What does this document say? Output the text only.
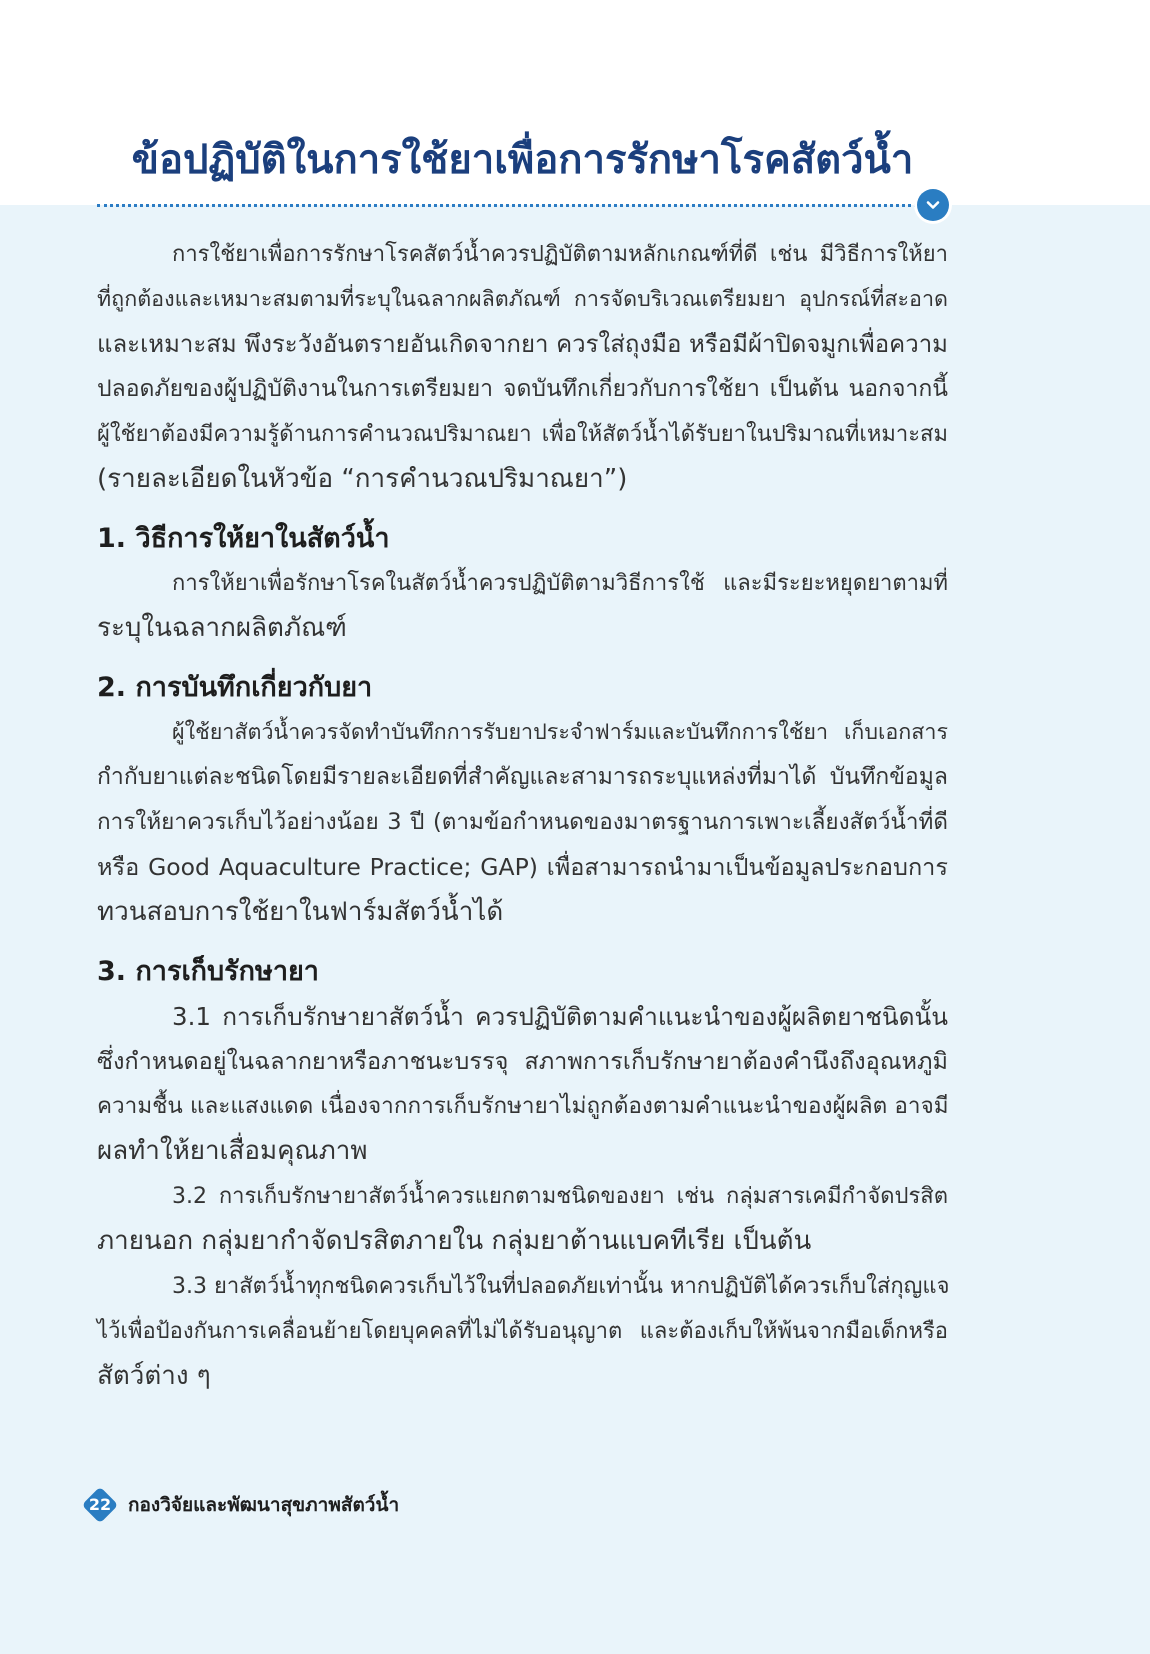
ข้อปฏิบัติในการใช้ยาเพื่อการรักษาโรคสัตว์น้ำ
การใช้ยาเพื่อการรักษาโรคสัตว์น้ำควรปฏิบัติตามหลักเกณฑ์ที่ดี เช่น มีวิธีการให้ยา
ที่ถูกต้องและเหมาะสมตามที่ระบุในฉลากผลิตภัณฑ์ การจัดบริเวณเตรียมยา อุปกรณ์ที่สะอาด
และเหมาะสม พึงระวังอันตรายอันเกิดจากยา ควรใส่ถุงมือ หรือมีผ้าปิดจมูกเพื่อความ
ปลอดภัยของผู้ปฏิบัติงานในการเตรียมยา จดบันทึกเกี่ยวกับการใช้ยา เป็นต้น นอกจากนี้
ผู้ใช้ยาต้องมีความรู้ด้านการคำนวณปริมาณยา เพื่อให้สัตว์น้ำได้รับยาในปริมาณที่เหมาะสม
(รายละเอียดในหัวข้อ “การคำนวณปริมาณยา”)
1. วิธีการให้ยาในสัตว์น้ำ
การให้ยาเพื่อรักษาโรคในสัตว์น้ำควรปฏิบัติตามวิธีการใช้ และมีระยะหยุดยาตามที่
ระบุในฉลากผลิตภัณฑ์
2. การบันทึกเกี่ยวกับยา
ผู้ใช้ยาสัตว์น้ำควรจัดทำบันทึกการรับยาประจำฟาร์มและบันทึกการใช้ยา เก็บเอกสาร
กำกับยาแต่ละชนิดโดยมีรายละเอียดที่สำคัญและสามารถระบุแหล่งที่มาได้ บันทึกข้อมูล
การให้ยาควรเก็บไว้อย่างน้อย 3 ปี (ตามข้อกำหนดของมาตรฐานการเพาะเลี้ยงสัตว์น้ำที่ดี
หรือ Good Aquaculture Practice; GAP) เพื่อสามารถนำมาเป็นข้อมูลประกอบการ
ทวนสอบการใช้ยาในฟาร์มสัตว์น้ำได้
3. การเก็บรักษายา
3.1 การเก็บรักษายาสัตว์น้ำ ควรปฏิบัติตามคำแนะนำของผู้ผลิตยาชนิดนั้น
ซึ่งกำหนดอยู่ในฉลากยาหรือภาชนะบรรจุ สภาพการเก็บรักษายาต้องคำนึงถึงอุณหภูมิ
ความชื้น และแสงแดด เนื่องจากการเก็บรักษายาไม่ถูกต้องตามคำแนะนำของผู้ผลิต อาจมี
ผลทำให้ยาเสื่อมคุณภาพ
3.2 การเก็บรักษายาสัตว์น้ำควรแยกตามชนิดของยา เช่น กลุ่มสารเคมีกำจัดปรสิต
ภายนอก กลุ่มยากำจัดปรสิตภายใน กลุ่มยาต้านแบคทีเรีย เป็นต้น
3.3 ยาสัตว์น้ำทุกชนิดควรเก็บไว้ในที่ปลอดภัยเท่านั้น หากปฏิบัติได้ควรเก็บใส่กุญแจ
ไว้เพื่อป้องกันการเคลื่อนย้ายโดยบุคคลที่ไม่ได้รับอนุญาต และต้องเก็บให้พ้นจากมือเด็กหรือ
สัตว์ต่าง ๆ
22 กองวิจัยและพัฒนาสุขภาพสัตว์น้ำ
